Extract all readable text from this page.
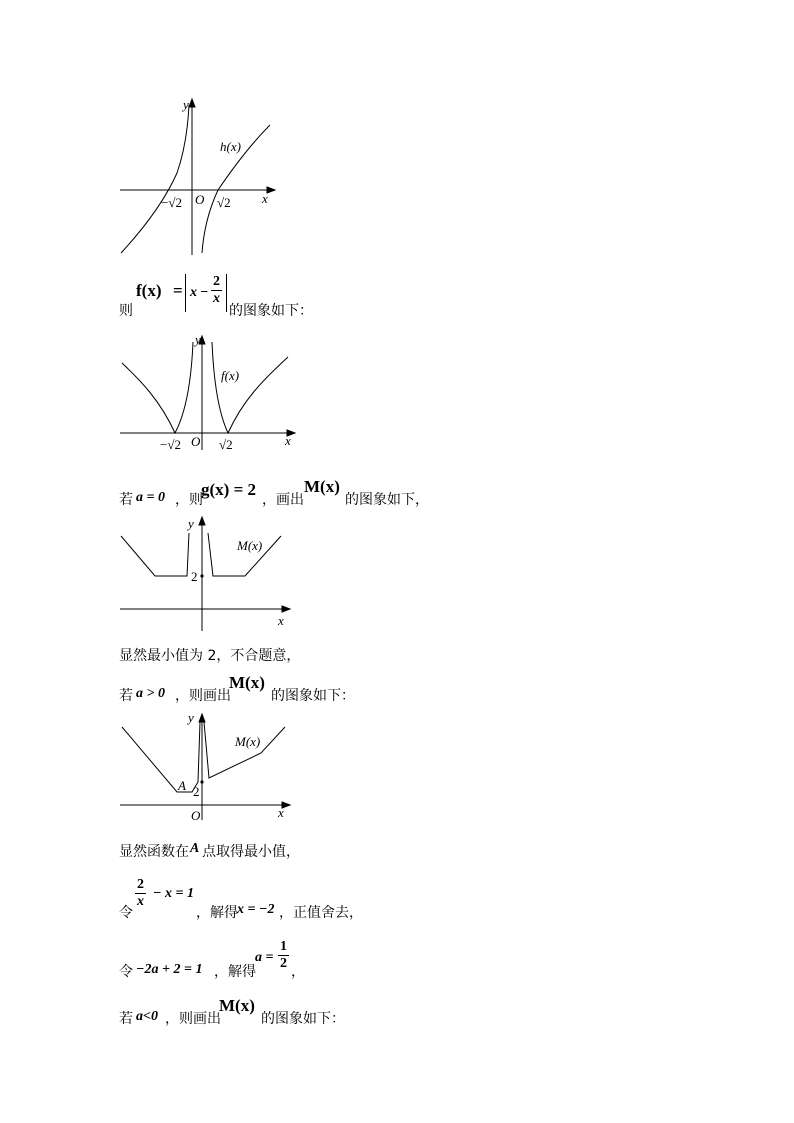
y
x
O
h(x)
−√2	√2
则
$f(x) = x - \frac{2}{x}$
的图象如下：
y
x
O
f(x)
−√2	√2
若 a = 0 ，则
g(x) = 2
，画出
M(x)
的图象如下，
y
x
2
M(x)
显然最小值为 2，不合题意，
若 a > 0 ，则画出
M(x)
的图象如下：
y
x
O
2
A
M(x)
显然函数在 A 点取得最小值，
令
$\frac{2}{x} - x = 1$
，解得 x = −2 ，正值舍去，
令 −2a + 2 = 1 ，解得
$a = \frac{1}{2}$ ，
若 a<0 ，则画出
M(x)
的图象如下：
